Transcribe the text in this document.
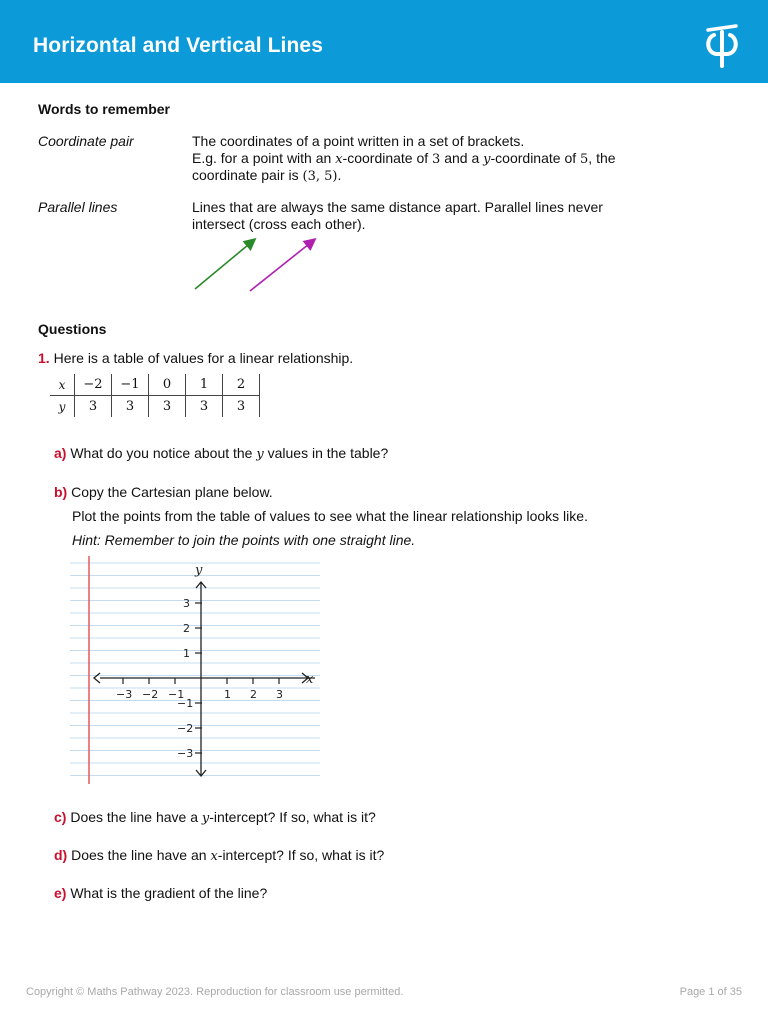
Horizontal and Vertical Lines
Words to remember
Coordinate pair	The coordinates of a point written in a set of brackets.
E.g. for a point with an x-coordinate of 3 and a y-coordinate of 5, the
coordinate pair is (3, 5).
Parallel lines	Lines that are always the same distance apart. Parallel lines never
intersect (cross each other).
Questions
1. Here is a table of values for a linear relationship.
x	−2	−1	0	1	2
y	3	3	3	3	3
a) What do you notice about the y values in the table?
b) Copy the Cartesian plane below.
Plot the points from the table of values to see what the linear relationship looks like.
Hint: Remember to join the points with one straight line.
−3 −2 −1	1 2 3
3
2
1
−1
−2
−3
x
y
c) Does the line have a y-intercept? If so, what is it?
d) Does the line have an x-intercept? If so, what is it?
e) What is the gradient of the line?
Copyright © Maths Pathway 2023. Reproduction for classroom use permitted.	Page 1 of 35
